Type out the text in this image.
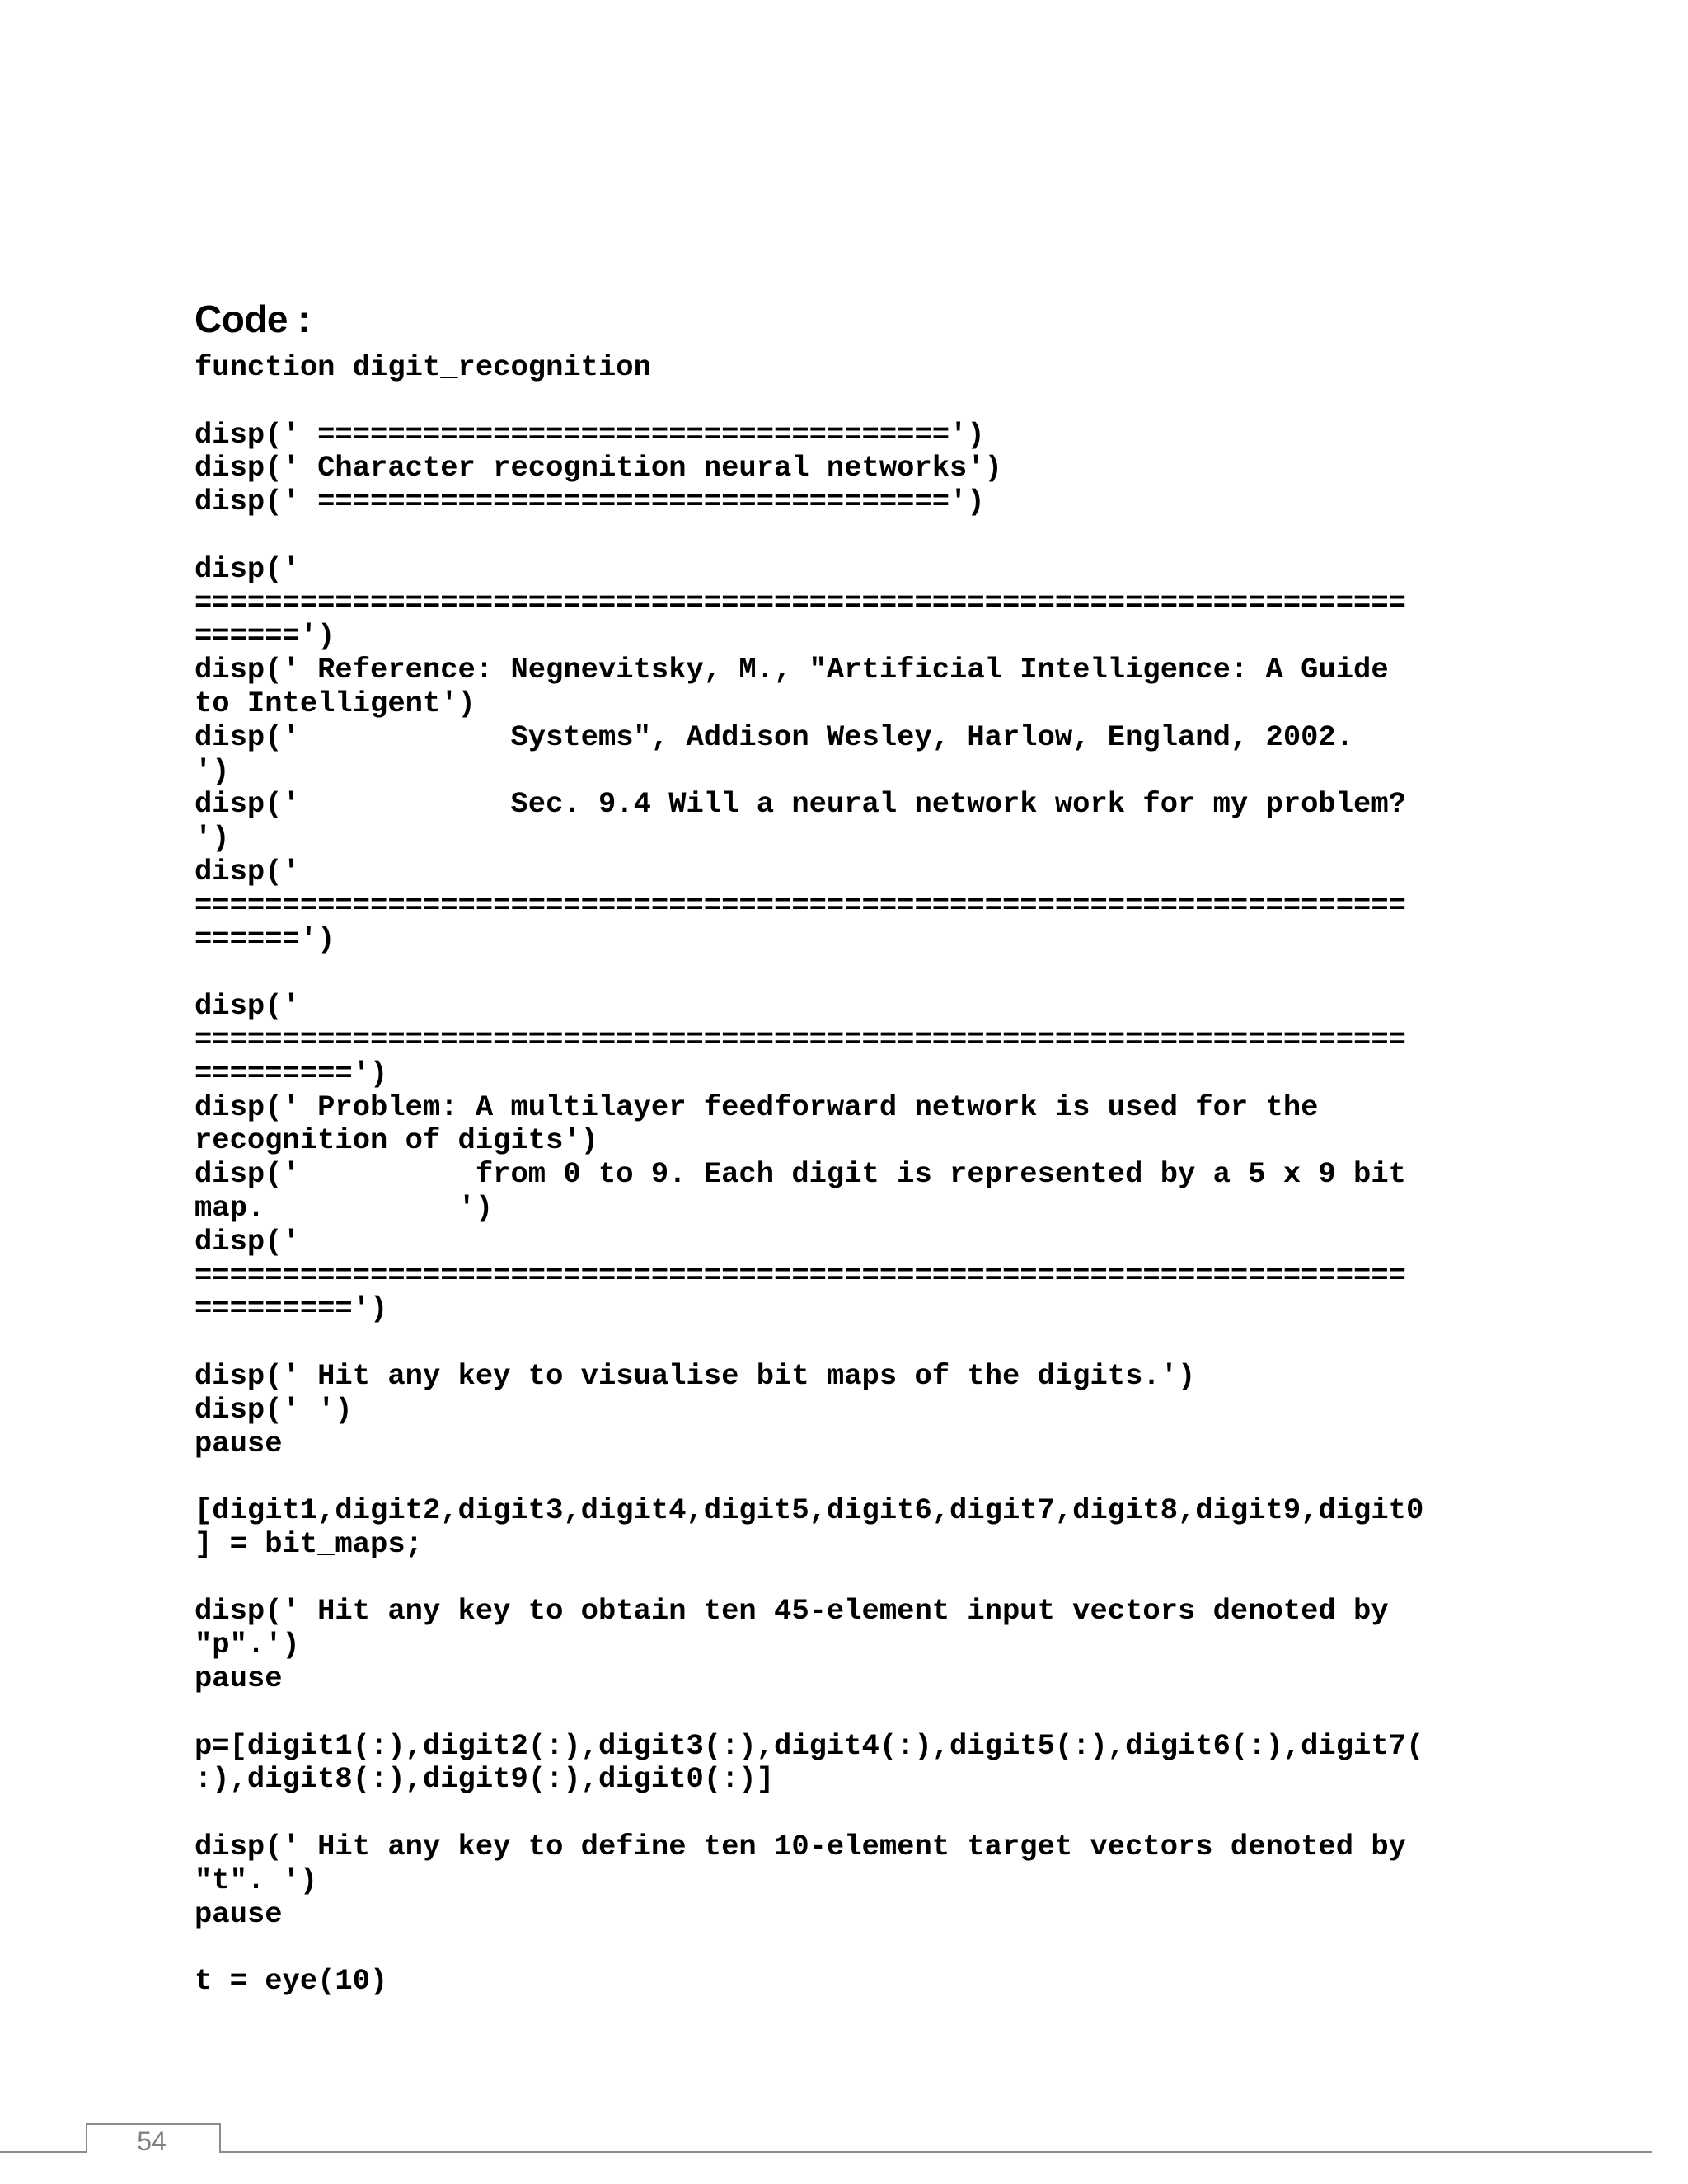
Code :
function digit_recognition

disp(' ====================================')
disp(' Character recognition neural networks')
disp(' ====================================')

disp('
=====================================================================
======')
disp(' Reference: Negnevitsky, M., "Artificial Intelligence: A Guide
to Intelligent')
disp('            Systems", Addison Wesley, Harlow, England, 2002.
')
disp('            Sec. 9.4 Will a neural network work for my problem?
')
disp('
=====================================================================
======')

disp('
=====================================================================
=========')
disp(' Problem: A multilayer feedforward network is used for the
recognition of digits')
disp('          from 0 to 9. Each digit is represented by a 5 x 9 bit
map.           ')
disp('
=====================================================================
=========')

disp(' Hit any key to visualise bit maps of the digits.')
disp(' ')
pause

[digit1,digit2,digit3,digit4,digit5,digit6,digit7,digit8,digit9,digit0
] = bit_maps;

disp(' Hit any key to obtain ten 45-element input vectors denoted by
"p".')
pause

p=[digit1(:),digit2(:),digit3(:),digit4(:),digit5(:),digit6(:),digit7(
:),digit8(:),digit9(:),digit0(:)]

disp(' Hit any key to define ten 10-element target vectors denoted by
"t". ')
pause

t = eye(10)
54
